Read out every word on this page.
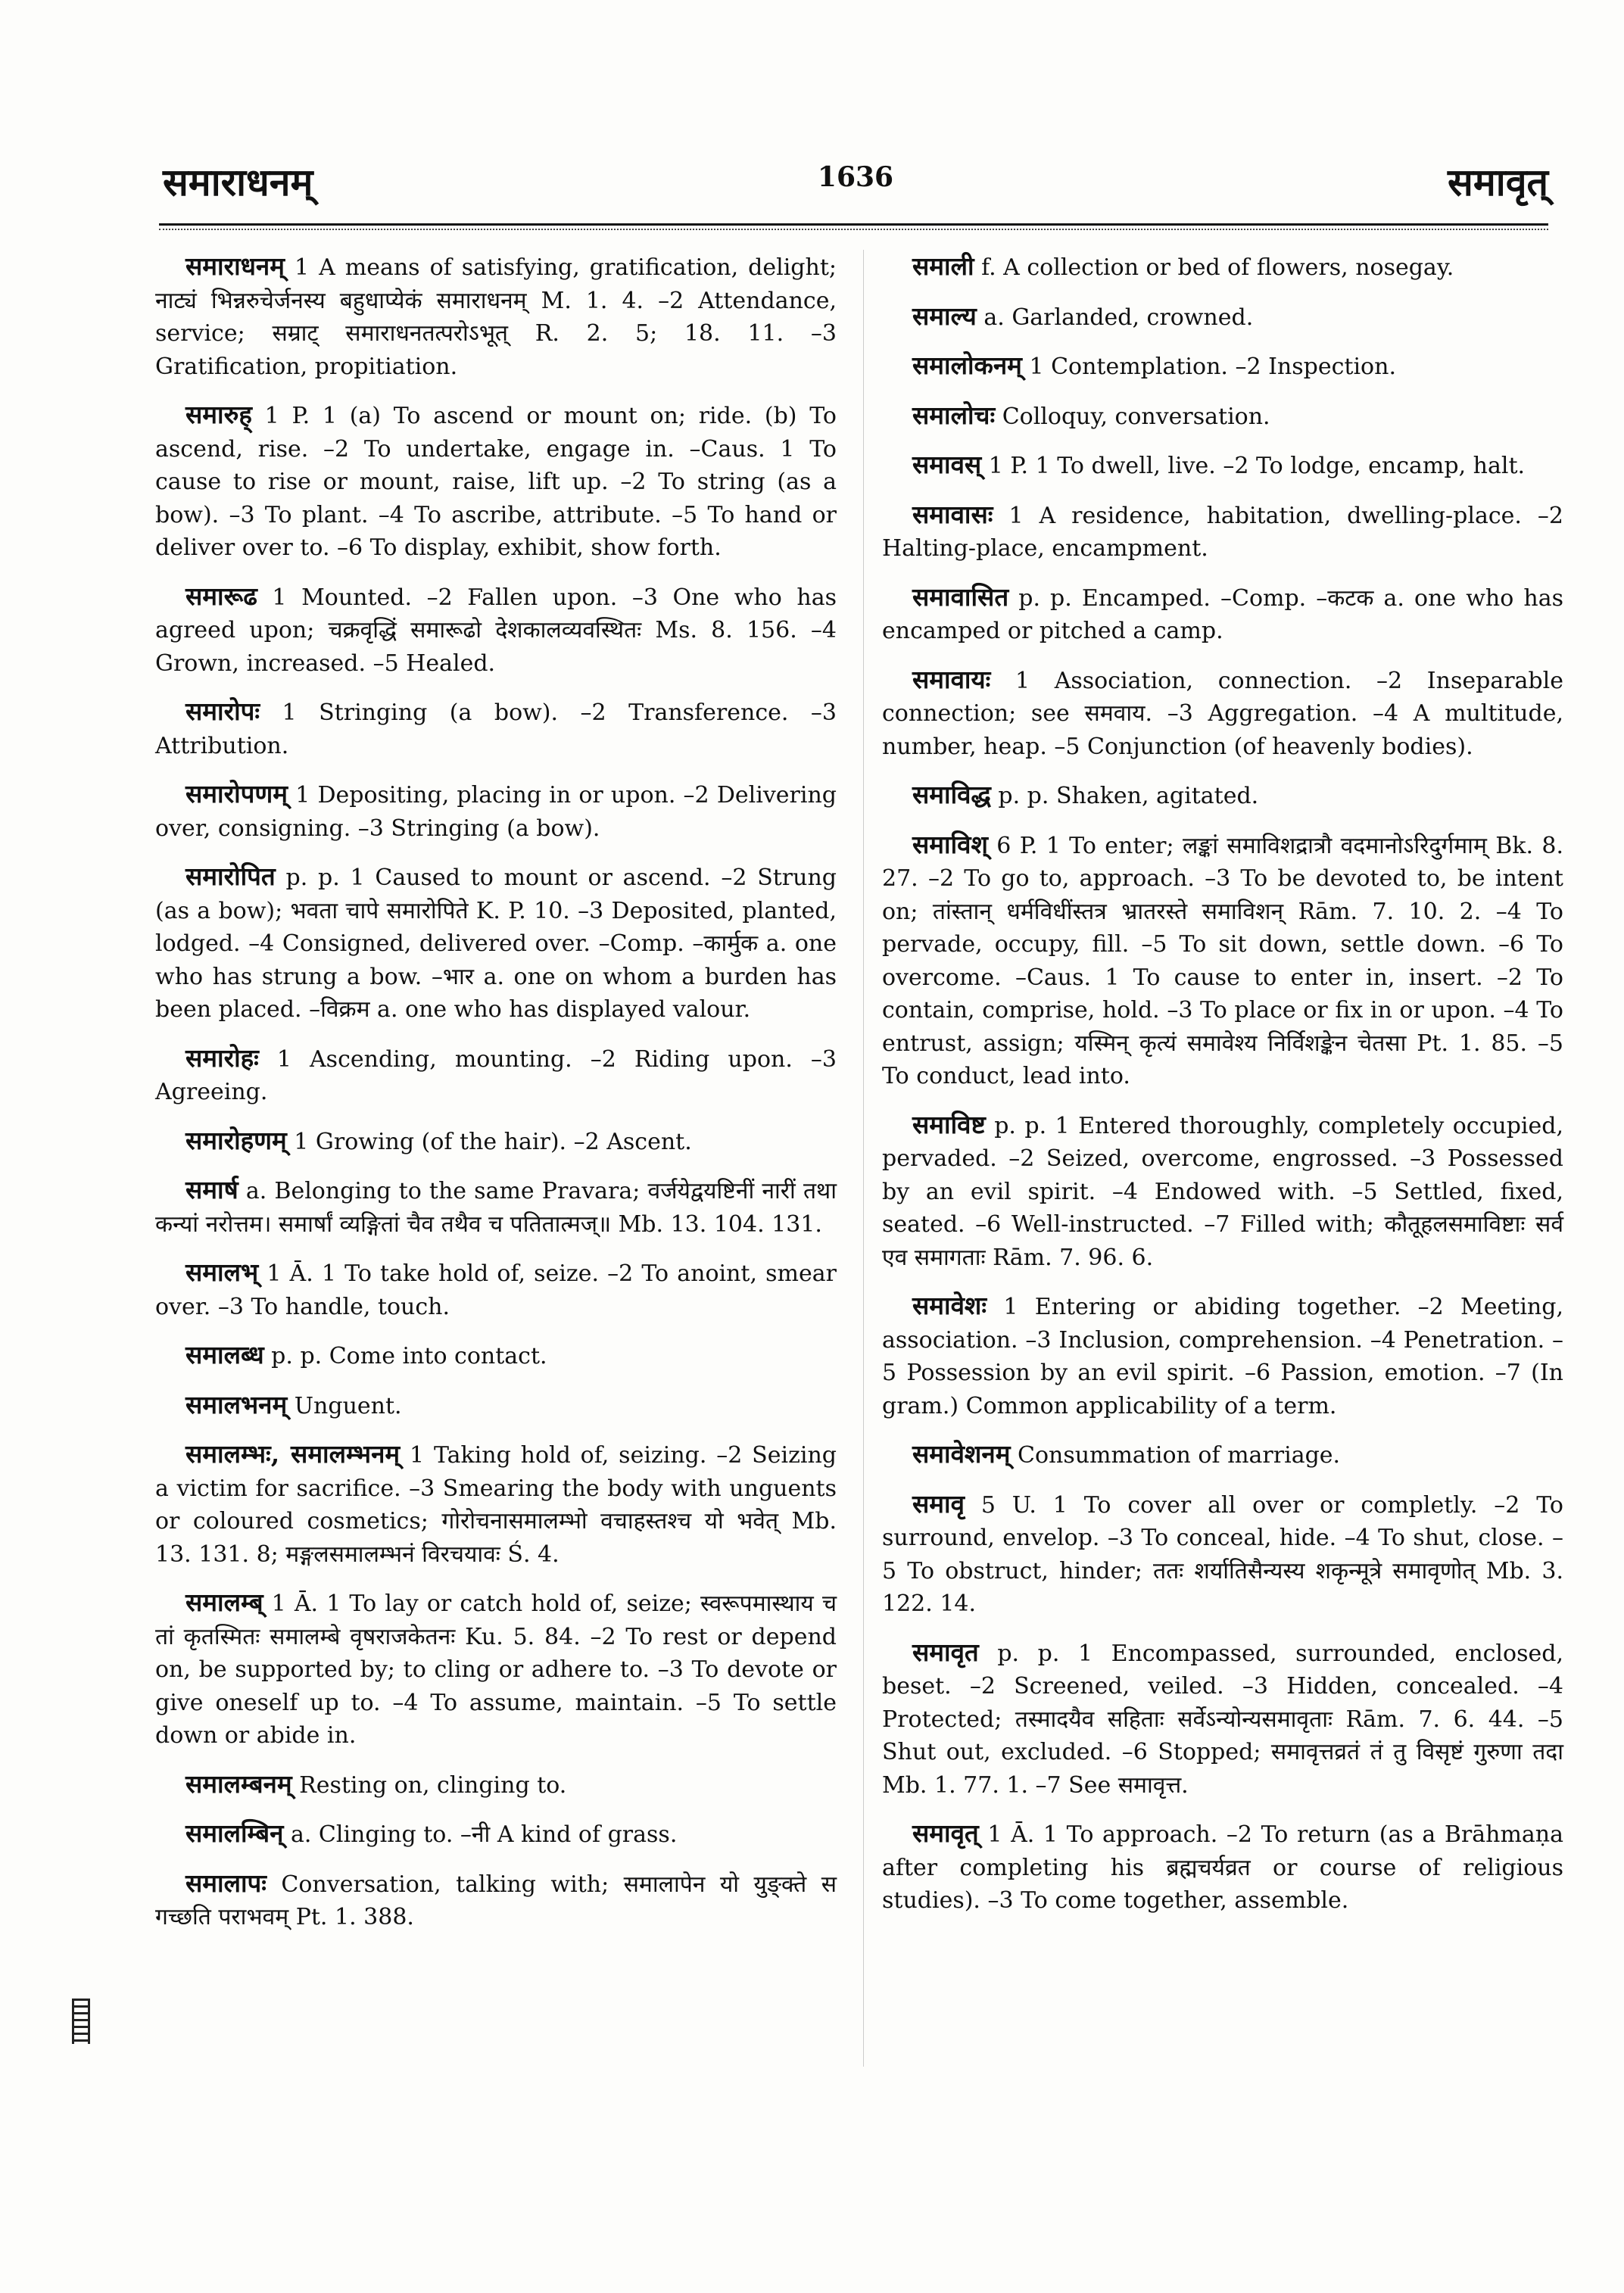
1636
समाराधनम्	समावृत्

समाराधनम् 1 A means of satisfying, gratification, delight; नाट्यं भिन्नरुचेर्जनस्य बहुधाप्येकं समाराधनम् M. 1. 4. –2 Attendance, service; सम्राट् समाराधनतत्परोऽभूत् R. 2. 5; 18. 11. –3 Gratification, propitiation.

समारुह् 1 P. 1 (a) To ascend or mount on; ride. (b) To ascend, rise. –2 To undertake, engage in. –Caus. 1 To cause to rise or mount, raise, lift up. –2 To string (as a bow). –3 To plant. –4 To ascribe, attribute. –5 To hand or deliver over to. –6 To display, exhibit, show forth.

समारूढ 1 Mounted. –2 Fallen upon. –3 One who has agreed upon; चक्रवृद्धिं समारूढो देशकालव्यवस्थितः Ms. 8. 156. –4 Grown, increased. –5 Healed.

समारोपः 1 Stringing (a bow). –2 Transference. –3 Attribution.

समारोपणम् 1 Depositing, placing in or upon. –2 Delivering over, consigning. –3 Stringing (a bow).

समारोपित p. p. 1 Caused to mount or ascend. –2 Strung (as a bow); भवता चापे समारोपिते K. P. 10. –3 Deposited, planted, lodged. –4 Consigned, delivered over. –Comp. –कार्मुक a. one who has strung a bow. –भार a. one on whom a burden has been placed. –विक्रम a. one who has displayed valour.

समारोहः 1 Ascending, mounting. –2 Riding upon. –3 Agreeing.

समारोहणम् 1 Growing (of the hair). –2 Ascent.

समार्ष a. Belonging to the same Pravara; वर्जयेद्वयष्टिनीं नारीं तथा कन्यां नरोत्तम। समार्षां व्यङ्गितां चैव तथैव च पतितात्मज्॥ Mb. 13. 104. 131.

समालभ् 1 Ā. 1 To take hold of, seize. –2 To anoint, smear over. –3 To handle, touch.

समालब्ध p. p. Come into contact.

समालभनम् Unguent.

समालम्भः, समालम्भनम् 1 Taking hold of, seizing. –2 Seizing a victim for sacrifice. –3 Smearing the body with unguents or coloured cosmetics; गोरोचनासमालम्भो वचाहस्तश्च यो भवेत् Mb. 13. 131. 8; मङ्गलसमालम्भनं विरचयावः Ś. 4.

समालम्ब् 1 Ā. 1 To lay or catch hold of, seize; स्वरूपमास्थाय च तां कृतस्मितः समालम्बे वृषराजकेतनः Ku. 5. 84. –2 To rest or depend on, be supported by; to cling or adhere to. –3 To devote or give oneself up to. –4 To assume, maintain. –5 To settle down or abide in.

समालम्बनम् Resting on, clinging to.

समालम्बिन् a. Clinging to. –नी A kind of grass.

समालापः Conversation, talking with; समालापेन यो युङ्क्ते स गच्छति पराभवम् Pt. 1. 388.

समाली f. A collection or bed of flowers, nosegay.

समाल्य a. Garlanded, crowned.

समालोकनम् 1 Contemplation. –2 Inspection.

समालोचः Colloquy, conversation.

समावस् 1 P. 1 To dwell, live. –2 To lodge, encamp, halt.

समावासः 1 A residence, habitation, dwelling-place. –2 Halting-place, encampment.

समावासित p. p. Encamped. –Comp. –कटक a. one who has encamped or pitched a camp.

समावायः 1 Association, connection. –2 Inseparable connection; see समवाय. –3 Aggregation. –4 A multitude, number, heap. –5 Conjunction (of heavenly bodies).

समाविद्ध p. p. Shaken, agitated.

समाविश् 6 P. 1 To enter; लङ्कां समाविशद्रात्रौ वदमानोऽरिदुर्गमाम् Bk. 8. 27. –2 To go to, approach. –3 To be devoted to, be intent on; तांस्तान् धर्मविधींस्तत्र भ्रातरस्ते समाविशन् Rām. 7. 10. 2. –4 To pervade, occupy, fill. –5 To sit down, settle down. –6 To overcome. –Caus. 1 To cause to enter in, insert. –2 To contain, comprise, hold. –3 To place or fix in or upon. –4 To entrust, assign; यस्मिन् कृत्यं समावेश्य निर्विशङ्केन चेतसा Pt. 1. 85. –5 To conduct, lead into.

समाविष्ट p. p. 1 Entered thoroughly, completely occupied, pervaded. –2 Seized, overcome, engrossed. –3 Possessed by an evil spirit. –4 Endowed with. –5 Settled, fixed, seated. –6 Well-instructed. –7 Filled with; कौतूहलसमाविष्टाः सर्व एव समागताः Rām. 7. 96. 6.

समावेशः 1 Entering or abiding together. –2 Meeting, association. –3 Inclusion, comprehension. –4 Penetration. –5 Possession by an evil spirit. –6 Passion, emotion. –7 (In gram.) Common applicability of a term.

समावेशनम् Consummation of marriage.

समावृ 5 U. 1 To cover all over or completly. –2 To surround, envelop. –3 To conceal, hide. –4 To shut, close. –5 To obstruct, hinder; ततः शर्यातिसैन्यस्य शकृन्मूत्रे समावृणोत् Mb. 3. 122. 14.

समावृत p. p. 1 Encompassed, surrounded, enclosed, beset. –2 Screened, veiled. –3 Hidden, concealed. –4 Protected; तस्मादयैव सहिताः सर्वेऽन्योन्यसमावृताः Rām. 7. 6. 44. –5 Shut out, excluded. –6 Stopped; समावृत्तव्रतं तं तु विसृष्टं गुरुणा तदा Mb. 1. 77. 1. –7 See समावृत्त.

समावृत् 1 Ā. 1 To approach. –2 To return (as a Brāhmaṇa after completing his ब्रह्मचर्यव्रत or course of religious studies). –3 To come together, assemble.
